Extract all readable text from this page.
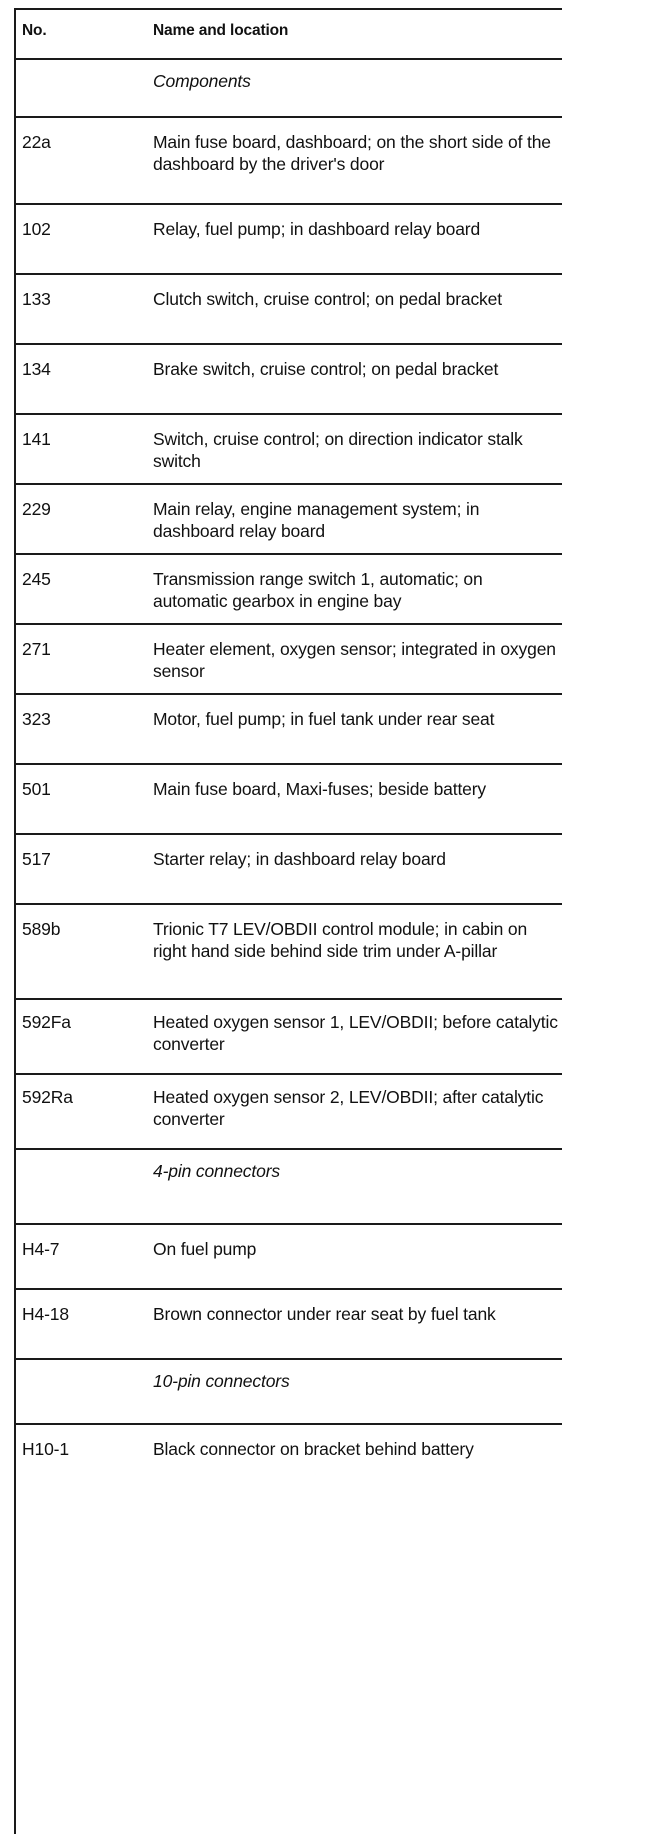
No.	Name and location
Components
22a	Main fuse board, dashboard; on the short side of the dashboard by the driver's door
102	Relay, fuel pump; in dashboard relay board
133	Clutch switch, cruise control; on pedal bracket
134	Brake switch, cruise control; on pedal bracket
141	Switch, cruise control; on direction indicator stalk switch
229	Main relay, engine management system; in dashboard relay board
245	Transmission range switch 1, automatic; on automatic gearbox in engine bay
271	Heater element, oxygen sensor; integrated in oxygen sensor
323	Motor, fuel pump; in fuel tank under rear seat
501	Main fuse board, Maxi-fuses; beside battery
517	Starter relay; in dashboard relay board
589b	Trionic T7 LEV/OBDII control module; in cabin on right hand side behind side trim under A-pillar
592Fa	Heated oxygen sensor 1, LEV/OBDII; before catalytic converter
592Ra	Heated oxygen sensor 2, LEV/OBDII; after catalytic converter
4-pin connectors
H4-7	On fuel pump
H4-18	Brown connector under rear seat by fuel tank
10-pin connectors
H10-1	Black connector on bracket behind battery
